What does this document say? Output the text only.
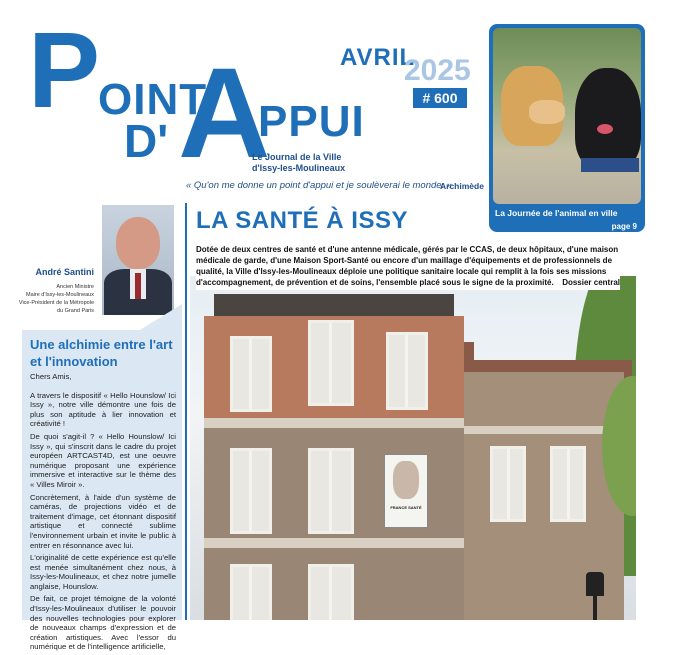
P
OINT
D' A
PPUI
Le Journal de la Ville
d'Issy-les-Moulineaux
« Qu'on me donne un point d'appui et je soulèverai le monde. »
Archimède
AVRIL
2025
# 600
La Journée de l'animal en ville
page 9
André Santini
Ancien Ministre
Maire d'Issy-les-Moulineaux
Vice-Président de la Métropole
du Grand Paris
Une alchimie entre l'art et l'innovation

Chers Amis,

A travers le dispositif « Hello Hounslow/ Ici Issy », notre ville démontre une fois de plus son aptitude à lier innovation et créativité !

De quoi s'agit-il ? « Hello Hounslow/ Ici Issy », qui s'inscrit dans le cadre du projet européen ARTCAST4D, est une oeuvre numérique proposant une expérience immersive et interactive sur le thème des « Villes Miroir ».

Concrètement, à l'aide d'un système de caméras, de projections vidéo et de traitement d'image, cet étonnant dispositif artistique et connecté sublime l'environnement urbain et invite le public à entrer en résonnance avec lui.

L'originalité de cette expérience est qu'elle est menée simultanément chez nous, à Issy-les-Moulineaux, et chez notre jumelle anglaise, Hounslow.

De fait, ce projet témoigne de la volonté d'Issy-les-Moulineaux d'utiliser le pouvoir des nouvelles technologies pour explorer de nouveaux champs d'expression et de création artistiques. Avec l'essor du numérique et de l'intelligence artificielle,

FRANCE SANTÉ
LA SANTÉ À ISSY
Dotée de deux centres de santé et d'une antenne médicale, gérés par le CCAS, de deux hôpitaux, d'une maison médicale de garde, d'une Maison Sport-Santé ou encore d'un maillage d'équipements et de professionnels de qualité, la Ville d'Issy-les-Moulineaux déploie une politique sanitaire locale qui remplit à la fois ses missions d'accompagnement, de prévention et de soins, l'ensemble placé sous le signe de la proximité. Dossier central
